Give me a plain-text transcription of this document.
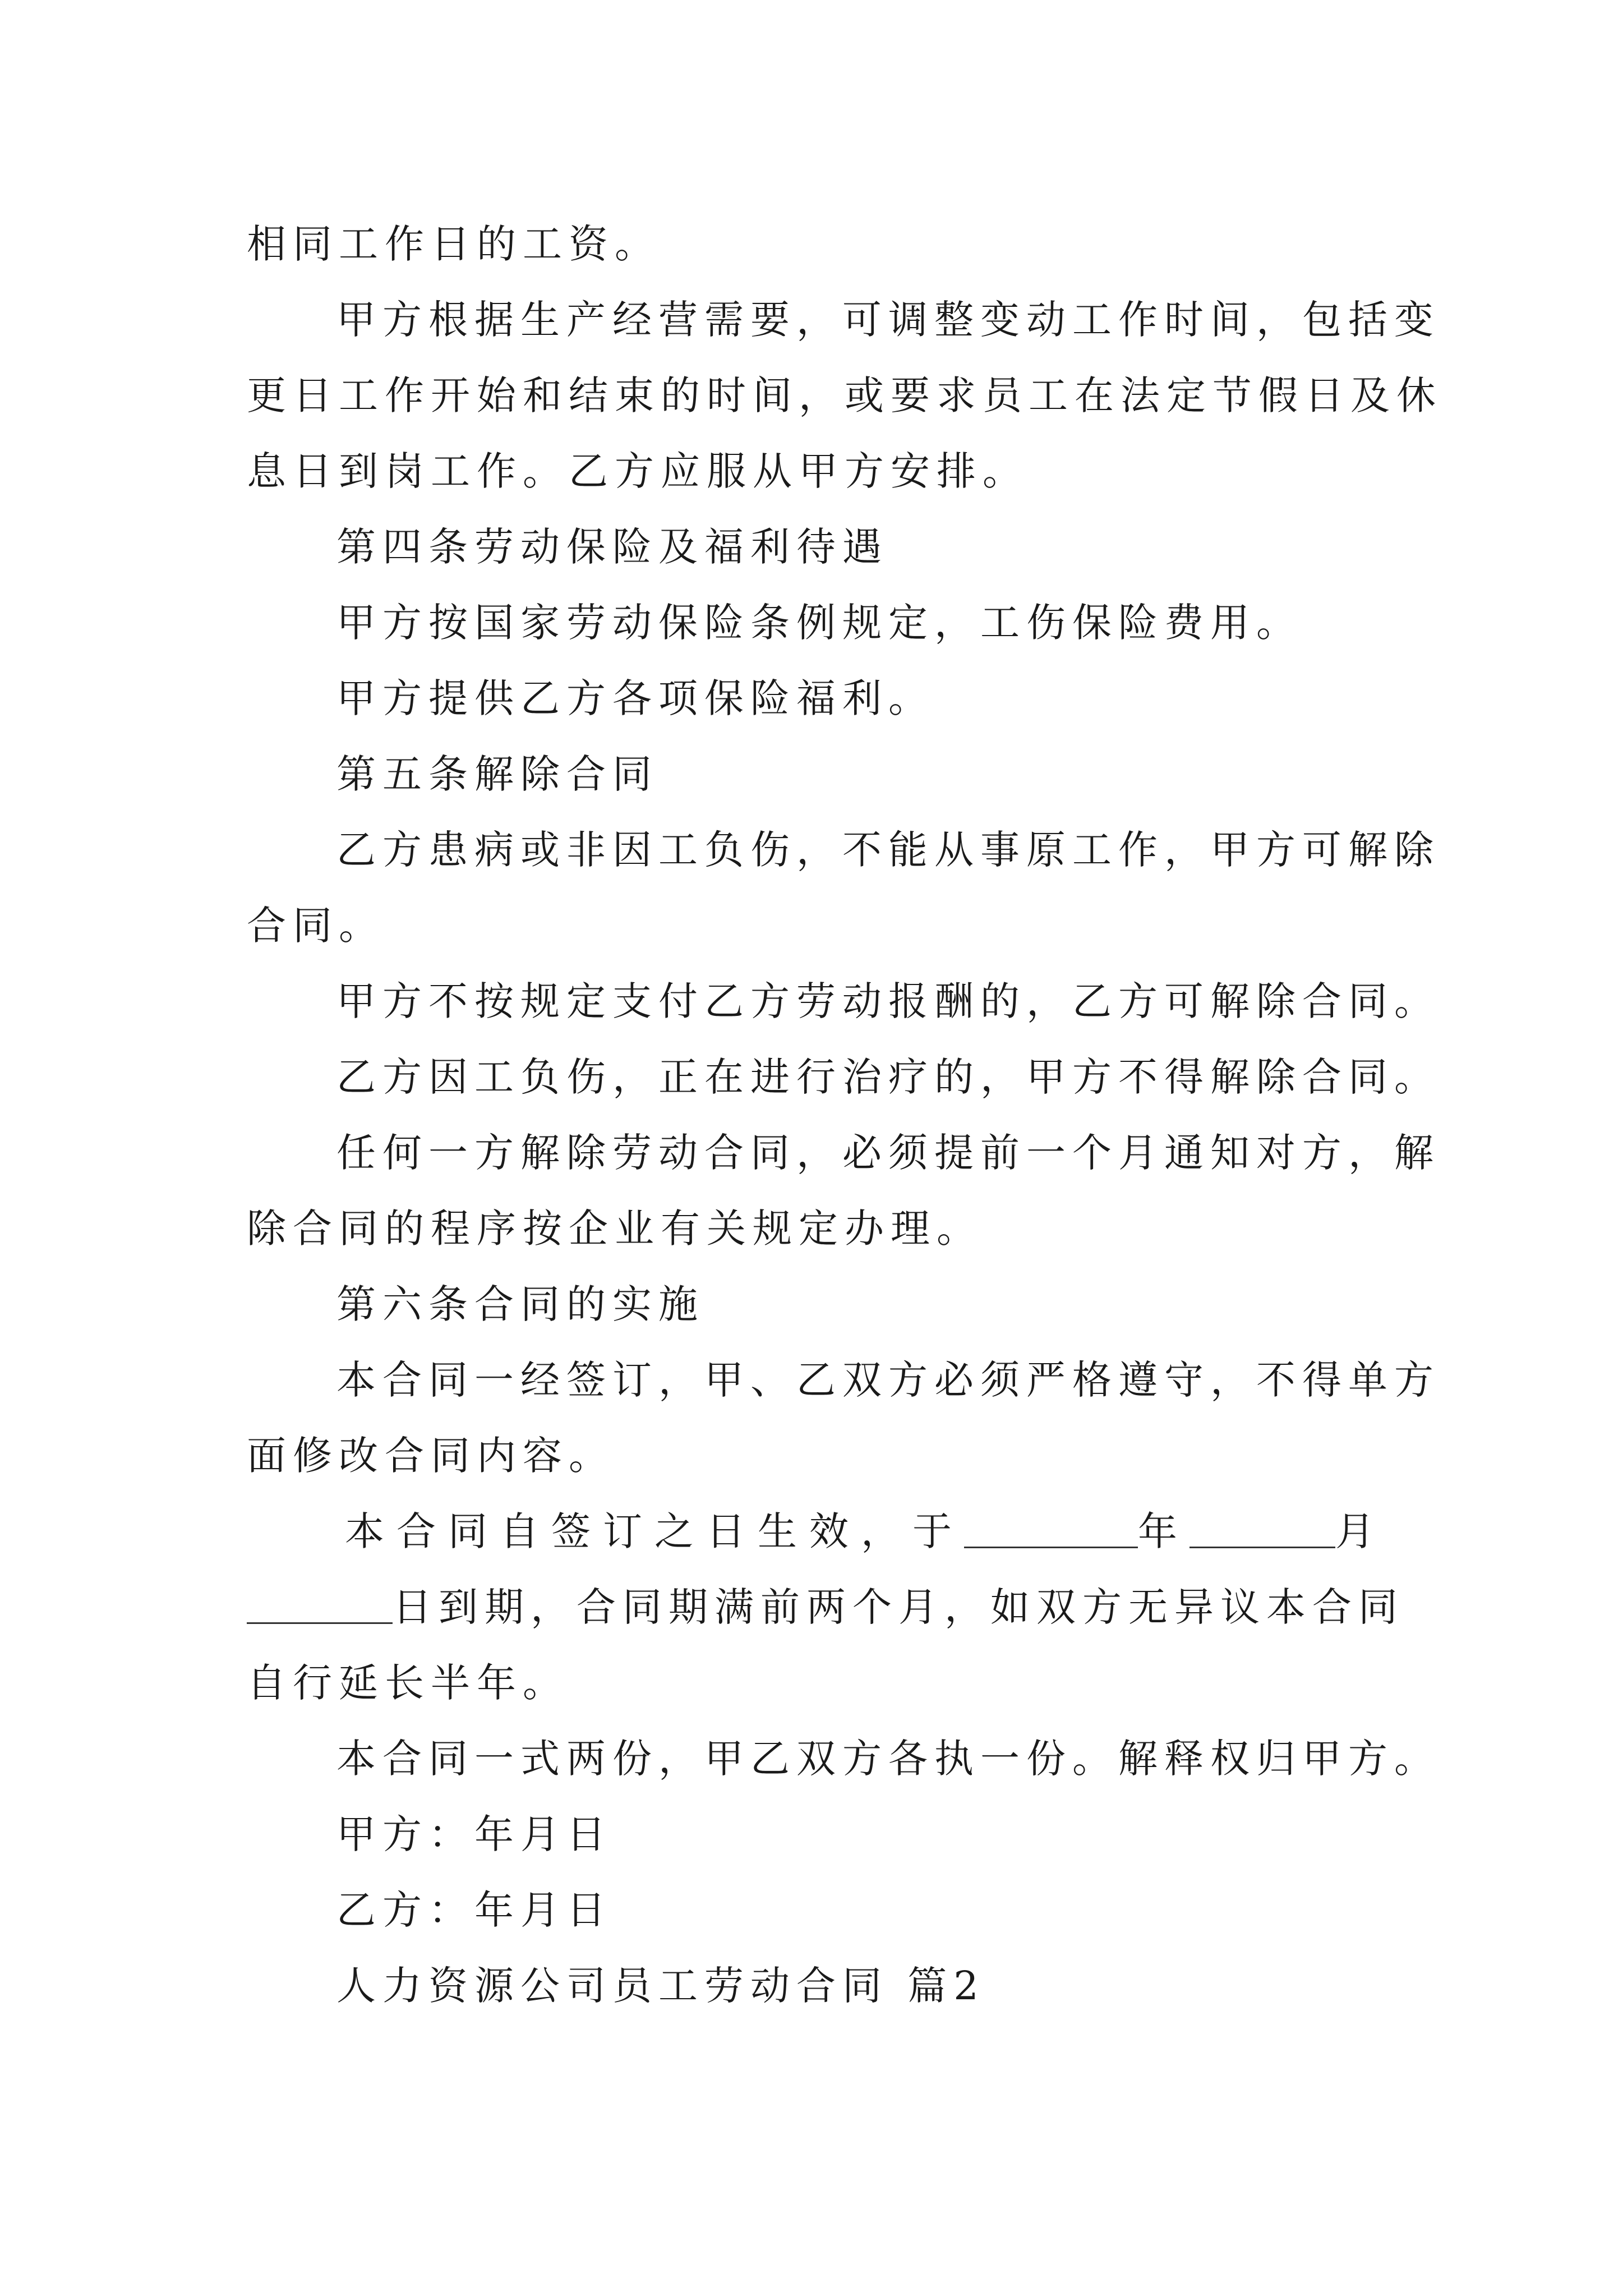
相同工作日的工资。
甲方根据生产经营需要，可调整变动工作时间，包括变
更日工作开始和结束的时间，或要求员工在法定节假日及休
息日到岗工作。乙方应服从甲方安排。
第四条劳动保险及福利待遇
甲方按国家劳动保险条例规定，工伤保险费用。
甲方提供乙方各项保险福利。
第五条解除合同
乙方患病或非因工负伤，不能从事原工作，甲方可解除
合同。
甲方不按规定支付乙方劳动报酬的，乙方可解除合同。
乙方因工负伤，正在进行治疗的，甲方不得解除合同。
任何一方解除劳动合同，必须提前一个月通知对方，解
除合同的程序按企业有关规定办理。
第六条合同的实施
本合同一经签订，甲、乙双方必须严格遵守，不得单方
面修改合同内容。
本合同自签订之日生效，于	年	月
日到期，合同期满前两个月，如双方无异议本合同
自行延长半年。
本合同一式两份，甲乙双方各执一份。解释权归甲方。
甲方：年月日
乙方：年月日
人力资源公司员工劳动合同 篇2
